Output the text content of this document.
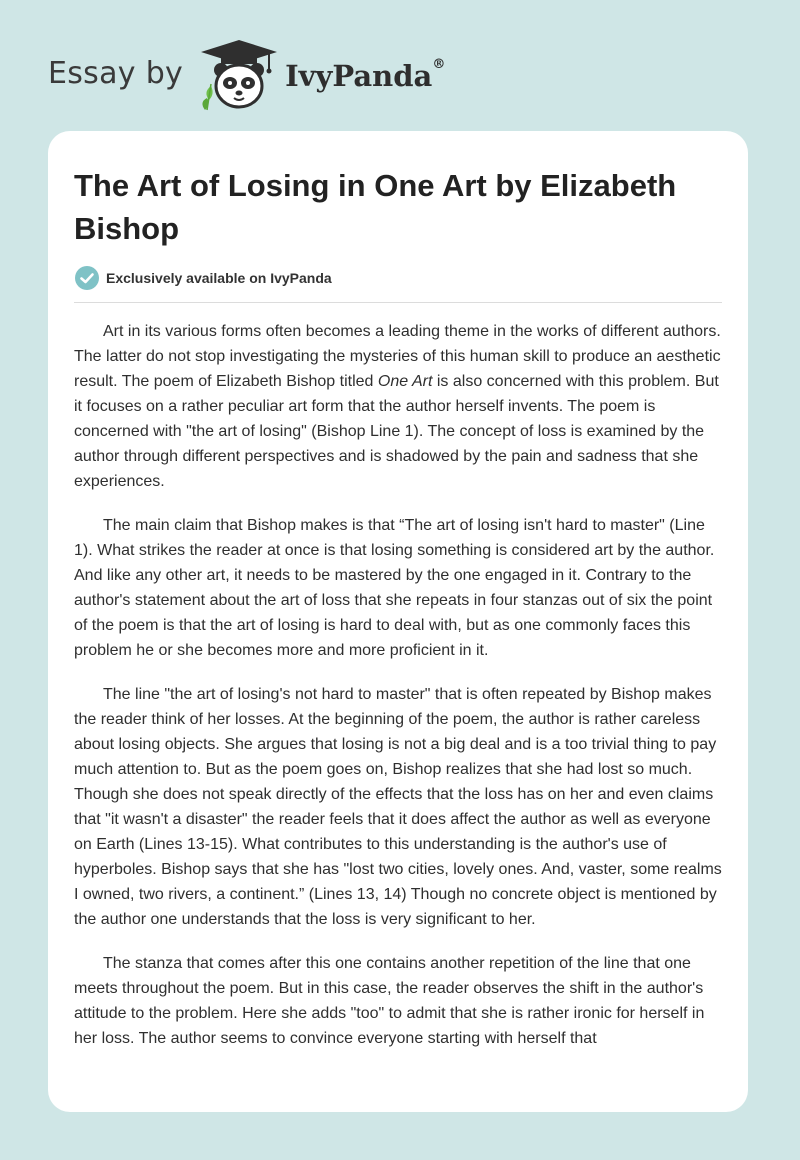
Essay by	IvyPanda®
The Art of Losing in One Art by Elizabeth Bishop
Exclusively available on IvyPanda

Art in its various forms often becomes a leading theme in the works of different authors. The latter do not stop investigating the mysteries of this human skill to produce an aesthetic result. The poem of Elizabeth Bishop titled One Art is also concerned with this problem. But it focuses on a rather peculiar art form that the author herself invents. The poem is concerned with "the art of losing" (Bishop Line 1). The concept of loss is examined by the author through different perspectives and is shadowed by the pain and sadness that she experiences.

The main claim that Bishop makes is that “The art of losing isn't hard to master" (Line 1). What strikes the reader at once is that losing something is considered art by the author. And like any other art, it needs to be mastered by the one engaged in it. Contrary to the author's statement about the art of loss that she repeats in four stanzas out of six the point of the poem is that the art of losing is hard to deal with, but as one commonly faces this problem he or she becomes more and more proficient in it.

The line "the art of losing's not hard to master" that is often repeated by Bishop makes the reader think of her losses. At the beginning of the poem, the author is rather careless about losing objects. She argues that losing is not a big deal and is a too trivial thing to pay much attention to. But as the poem goes on, Bishop realizes that she had lost so much. Though she does not speak directly of the effects that the loss has on her and even claims that "it wasn't a disaster" the reader feels that it does affect the author as well as everyone on Earth (Lines 13-15). What contributes to this understanding is the author's use of hyperboles. Bishop says that she has "lost two cities, lovely ones. And, vaster, some realms I owned, two rivers, a continent.” (Lines 13, 14) Though no concrete object is mentioned by the author one understands that the loss is very significant to her.

The stanza that comes after this one contains another repetition of the line that one meets throughout the poem. But in this case, the reader observes the shift in the author's attitude to the problem. Here she adds "too" to admit that she is rather ironic for herself in her loss. The author seems to convince everyone starting with herself that
